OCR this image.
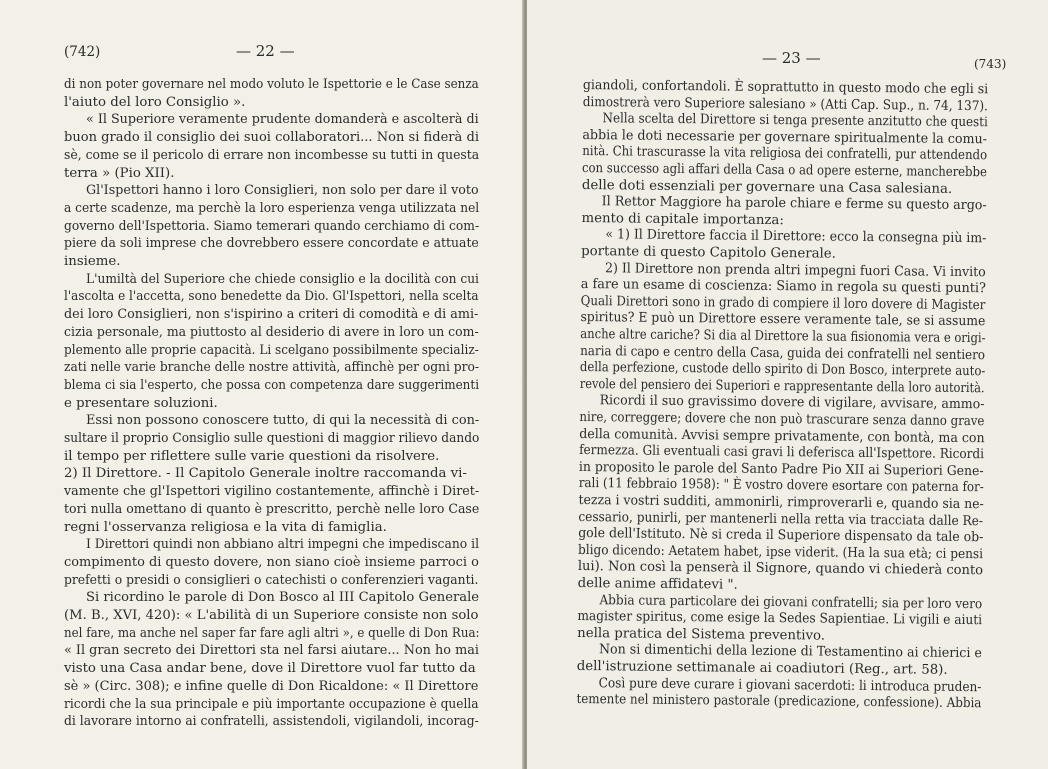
(742)	— 22 —
di non poter governare nel modo voluto le Ispettorie e le Case senza
l'aiuto del loro Consiglio ».
« Il Superiore veramente prudente domanderà e ascolterà di
buon grado il consiglio dei suoi collaboratori... Non si fiderà di
sè, come se il pericolo di errare non incombesse su tutti in questa
terra » (Pio XII).
Gl'Ispettori hanno i loro Consiglieri, non solo per dare il voto
a certe scadenze, ma perchè la loro esperienza venga utilizzata nel
governo dell'Ispettoria. Siamo temerari quando cerchiamo di com-
piere da soli imprese che dovrebbero essere concordate e attuate
insieme.
L'umiltà del Superiore che chiede consiglio e la docilità con cui
l'ascolta e l'accetta, sono benedette da Dio. Gl'Ispettori, nella scelta
dei loro Consiglieri, non s'ispirino a criteri di comodità e di ami-
cizia personale, ma piuttosto al desiderio di avere in loro un com-
plemento alle proprie capacità. Li scelgano possibilmente specializ-
zati nelle varie branche delle nostre attività, affinchè per ogni pro-
blema ci sia l'esperto, che possa con competenza dare suggerimenti
e presentare soluzioni.
Essi non possono conoscere tutto, di qui la necessità di con-
sultare il proprio Consiglio sulle questioni di maggior rilievo dando
il tempo per riflettere sulle varie questioni da risolvere.
2) Il Direttore. - Il Capitolo Generale inoltre raccomanda vi-
vamente che gl'Ispettori vigilino costantemente, affinchè i Diret-
tori nulla omettano di quanto è prescritto, perchè nelle loro Case
regni l'osservanza religiosa e la vita di famiglia.
I Direttori quindi non abbiano altri impegni che impediscano il
compimento di questo dovere, non siano cioè insieme parroci o
prefetti o presidi o consiglieri o catechisti o conferenzieri vaganti.
Si ricordino le parole di Don Bosco al III Capitolo Generale
(M. B., XVI, 420): « L'abilità di un Superiore consiste non solo
nel fare, ma anche nel saper far fare agli altri », e quelle di Don Rua:
« Il gran secreto dei Direttori sta nel farsi aiutare... Non ho mai
visto una Casa andar bene, dove il Direttore vuol far tutto da
sè » (Circ. 308); e infine quelle di Don Ricaldone: « Il Direttore
ricordi che la sua principale e più importante occupazione è quella
di lavorare intorno ai confratelli, assistendoli, vigilandoli, incorag-
— 23 —	(743)
giandoli, confortandoli. È soprattutto in questo modo che egli si
dimostrerà vero Superiore salesiano » (Atti Cap. Sup., n. 74, 137).
Nella scelta del Direttore si tenga presente anzitutto che questi
abbia le doti necessarie per governare spiritualmente la comu-
nità. Chi trascurasse la vita religiosa dei confratelli, pur attendendo
con successo agli affari della Casa o ad opere esterne, mancherebbe
delle doti essenziali per governare una Casa salesiana.
Il Rettor Maggiore ha parole chiare e ferme su questo argo-
mento di capitale importanza:
« 1) Il Direttore faccia il Direttore: ecco la consegna più im-
portante di questo Capitolo Generale.
2) Il Direttore non prenda altri impegni fuori Casa. Vi invito
a fare un esame di coscienza: Siamo in regola su questi punti?
Quali Direttori sono in grado di compiere il loro dovere di Magister
spiritus? E può un Direttore essere veramente tale, se si assume
anche altre cariche? Si dia al Direttore la sua fisionomia vera e origi-
naria di capo e centro della Casa, guida dei confratelli nel sentiero
della perfezione, custode dello spirito di Don Bosco, interprete auto-
revole del pensiero dei Superiori e rappresentante della loro autorità.
Ricordi il suo gravissimo dovere di vigilare, avvisare, ammo-
nire, correggere; dovere che non può trascurare senza danno grave
della comunità. Avvisi sempre privatamente, con bontà, ma con
fermezza. Gli eventuali casi gravi li deferisca all'Ispettore. Ricordi
in proposito le parole del Santo Padre Pio XII ai Superiori Gene-
rali (11 febbraio 1958): " È vostro dovere esortare con paterna for-
tezza i vostri sudditi, ammonirli, rimproverarli e, quando sia ne-
cessario, punirli, per mantenerli nella retta via tracciata dalle Re-
gole dell'Istituto. Nè si creda il Superiore dispensato da tale ob-
bligo dicendo: Aetatem habet, ipse viderit. (Ha la sua età; ci pensi
lui). Non così la penserà il Signore, quando vi chiederà conto
delle anime affidatevi ".
Abbia cura particolare dei giovani confratelli; sia per loro vero
magister spiritus, come esige la Sedes Sapientiae. Li vigili e aiuti
nella pratica del Sistema preventivo.
Non si dimentichi della lezione di Testamentino ai chierici e
dell'istruzione settimanale ai coadiutori (Reg., art. 58).
Così pure deve curare i giovani sacerdoti: li introduca pruden-
temente nel ministero pastorale (predicazione, confessione). Abbia
